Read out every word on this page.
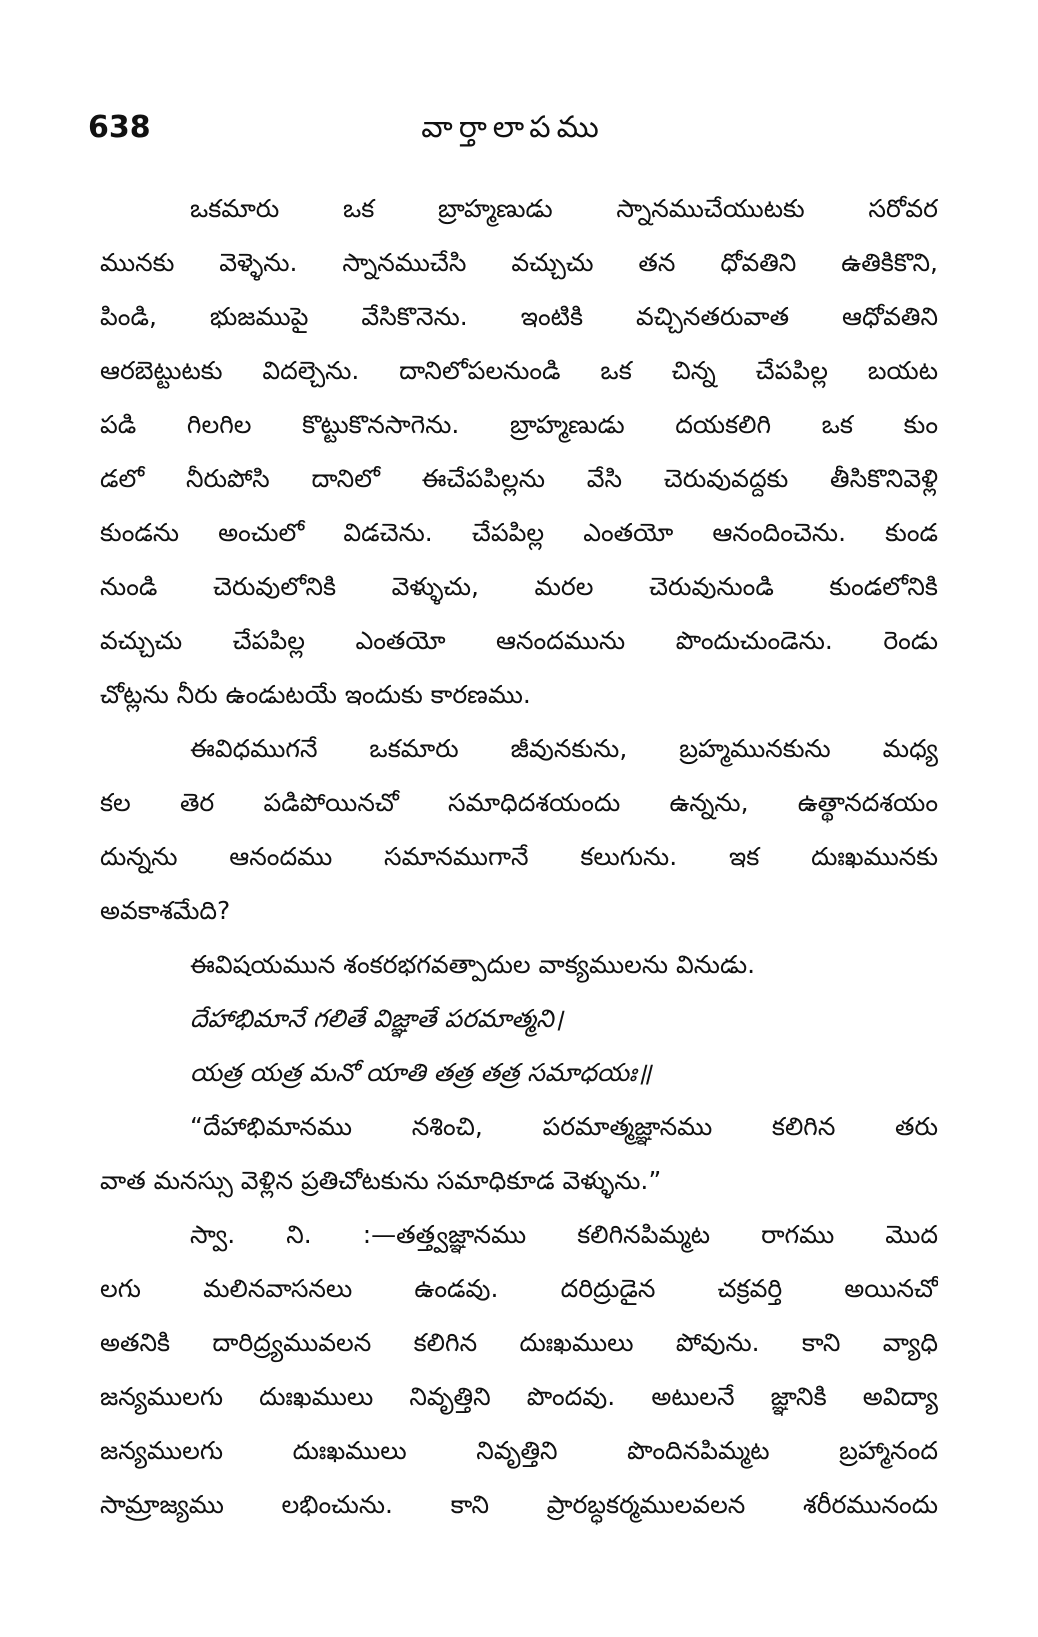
638	వార్తాలాపము
ఒకమారు ఒక బ్రాహ్మణుడు స్నానముచేయుటకు సరోవర
మునకు వెళ్ళెను. స్నానముచేసి వచ్చుచు తన ధోవతిని ఉతికికొని,
పిండి, భుజముపై వేసికొనెను. ఇంటికి వచ్చినతరువాత ఆధోవతిని
ఆరబెట్టుటకు విదల్చెను. దానిలోపలనుండి ఒక చిన్న చేపపిల్ల బయట
పడి గిలగిల కొట్టుకొనసాగెను. బ్రాహ్మణుడు దయకలిగి ఒక కుం
డలో నీరుపోసి దానిలో ఈచేపపిల్లను వేసి చెరువువద్దకు తీసికొనివెళ్లి
కుండను అంచులో విడచెను. చేపపిల్ల ఎంతయో ఆనందించెను. కుండ
నుండి చెరువులోనికి వెళ్ళుచు, మరల చెరువునుండి కుండలోనికి
వచ్చుచు చేపపిల్ల ఎంతయో ఆనందమును పొందుచుండెను. రెండు
చోట్లను నీరు ఉండుటయే ఇందుకు కారణము.
ఈవిధముగనే ఒకమారు జీవునకును, బ్రహ్మమునకును మధ్య
కల తెర పడిపోయినచో సమాధిదశయందు ఉన్నను, ఉత్థానదశయం
దున్నను ఆనందము సమానముగానే కలుగును. ఇక దుఃఖమునకు
అవకాశమేది?
ఈవిషయమున శంకరభగవత్పాదుల వాక్యములను వినుడు.
దేహాభిమానే గలితే విజ్ఞాతే పరమాత్మని।
యత్ర యత్ర మనో యాతి తత్ర తత్ర సమాధయః॥
“దేహాభిమానము నశించి, పరమాత్మజ్ఞానము కలిగిన తరు
వాత మనస్సు వెళ్లిన ప్రతిచోటకును సమాధికూడ వెళ్ళును.”
స్వా. ని. :—తత్త్వజ్ఞానము కలిగినపిమ్మట రాగము మొద
లగు మలినవాసనలు ఉండవు. దరిద్రుడైన చక్రవర్తి అయినచో
అతనికి దారిద్ర్యమువలన కలిగిన దుఃఖములు పోవును. కాని వ్యాధి
జన్యములగు దుఃఖములు నివృత్తిని పొందవు. అటులనే జ్ఞానికి అవిద్యా
జన్యములగు దుఃఖములు నివృత్తిని పొందినపిమ్మట బ్రహ్మానంద
సామ్రాజ్యము లభించును. కాని ప్రారబ్ధకర్మములవలన శరీరమునందు
